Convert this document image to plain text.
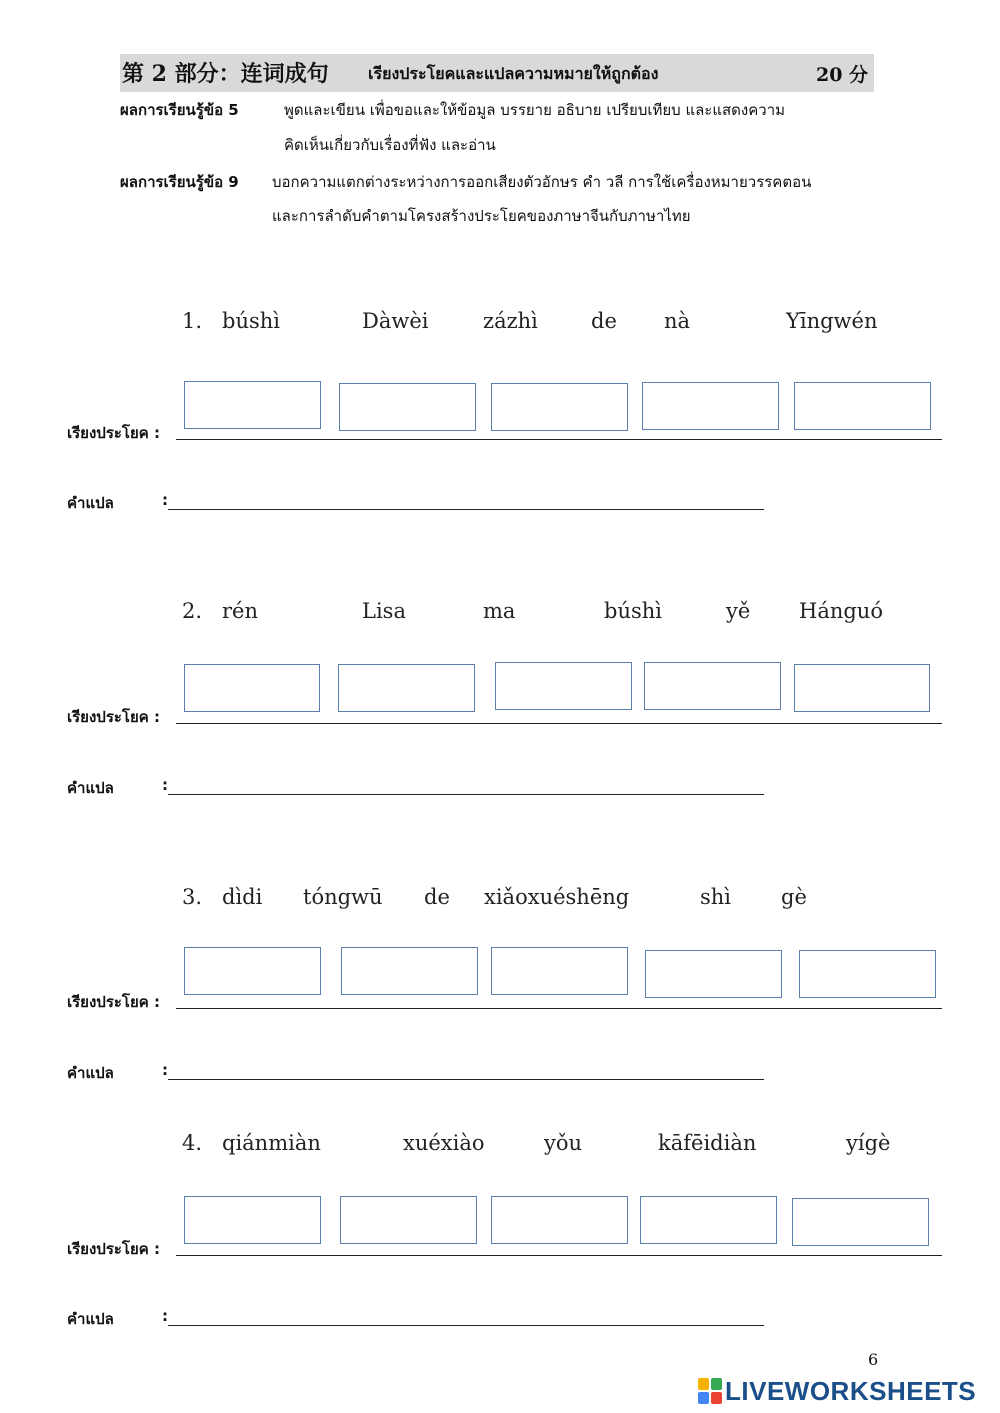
第 2 部分：连词成句 เรียงประโยคและแปลความหมายให้ถูกต้อง	20 分
ผลการเรียนรู้ข้อ 5	พูดและเขียน เพื่อขอและให้ข้อมูล บรรยาย อธิบาย เปรียบเทียบ และแสดงความ
คิดเห็นเกี่ยวกับเรื่องที่ฟัง และอ่าน
ผลการเรียนรู้ข้อ 9 บอกความแตกต่างระหว่างการออกเสียงตัวอักษร คำ วลี การใช้เครื่องหมายวรรคตอน
และการลำดับคำตามโครงสร้างประโยคของภาษาจีนกับภาษาไทย
1. búshì	Dàwèi	zázhì	de nà	Yīngwén
เรียงประโยค :
คำแปล	:
2. rén	Lisa	ma	búshì	yě Hánguó
เรียงประโยค :
คำแปล	:
3. dìdi tóngwū de xiǎoxuéshēng	shì gè
เรียงประโยค :
คำแปล	:
4. qiánmiàn	xuéxiào	yǒu	kāfēidiàn	yígè
เรียงประโยค :
คำแปล	:
6
LIVEWORKSHEETS
